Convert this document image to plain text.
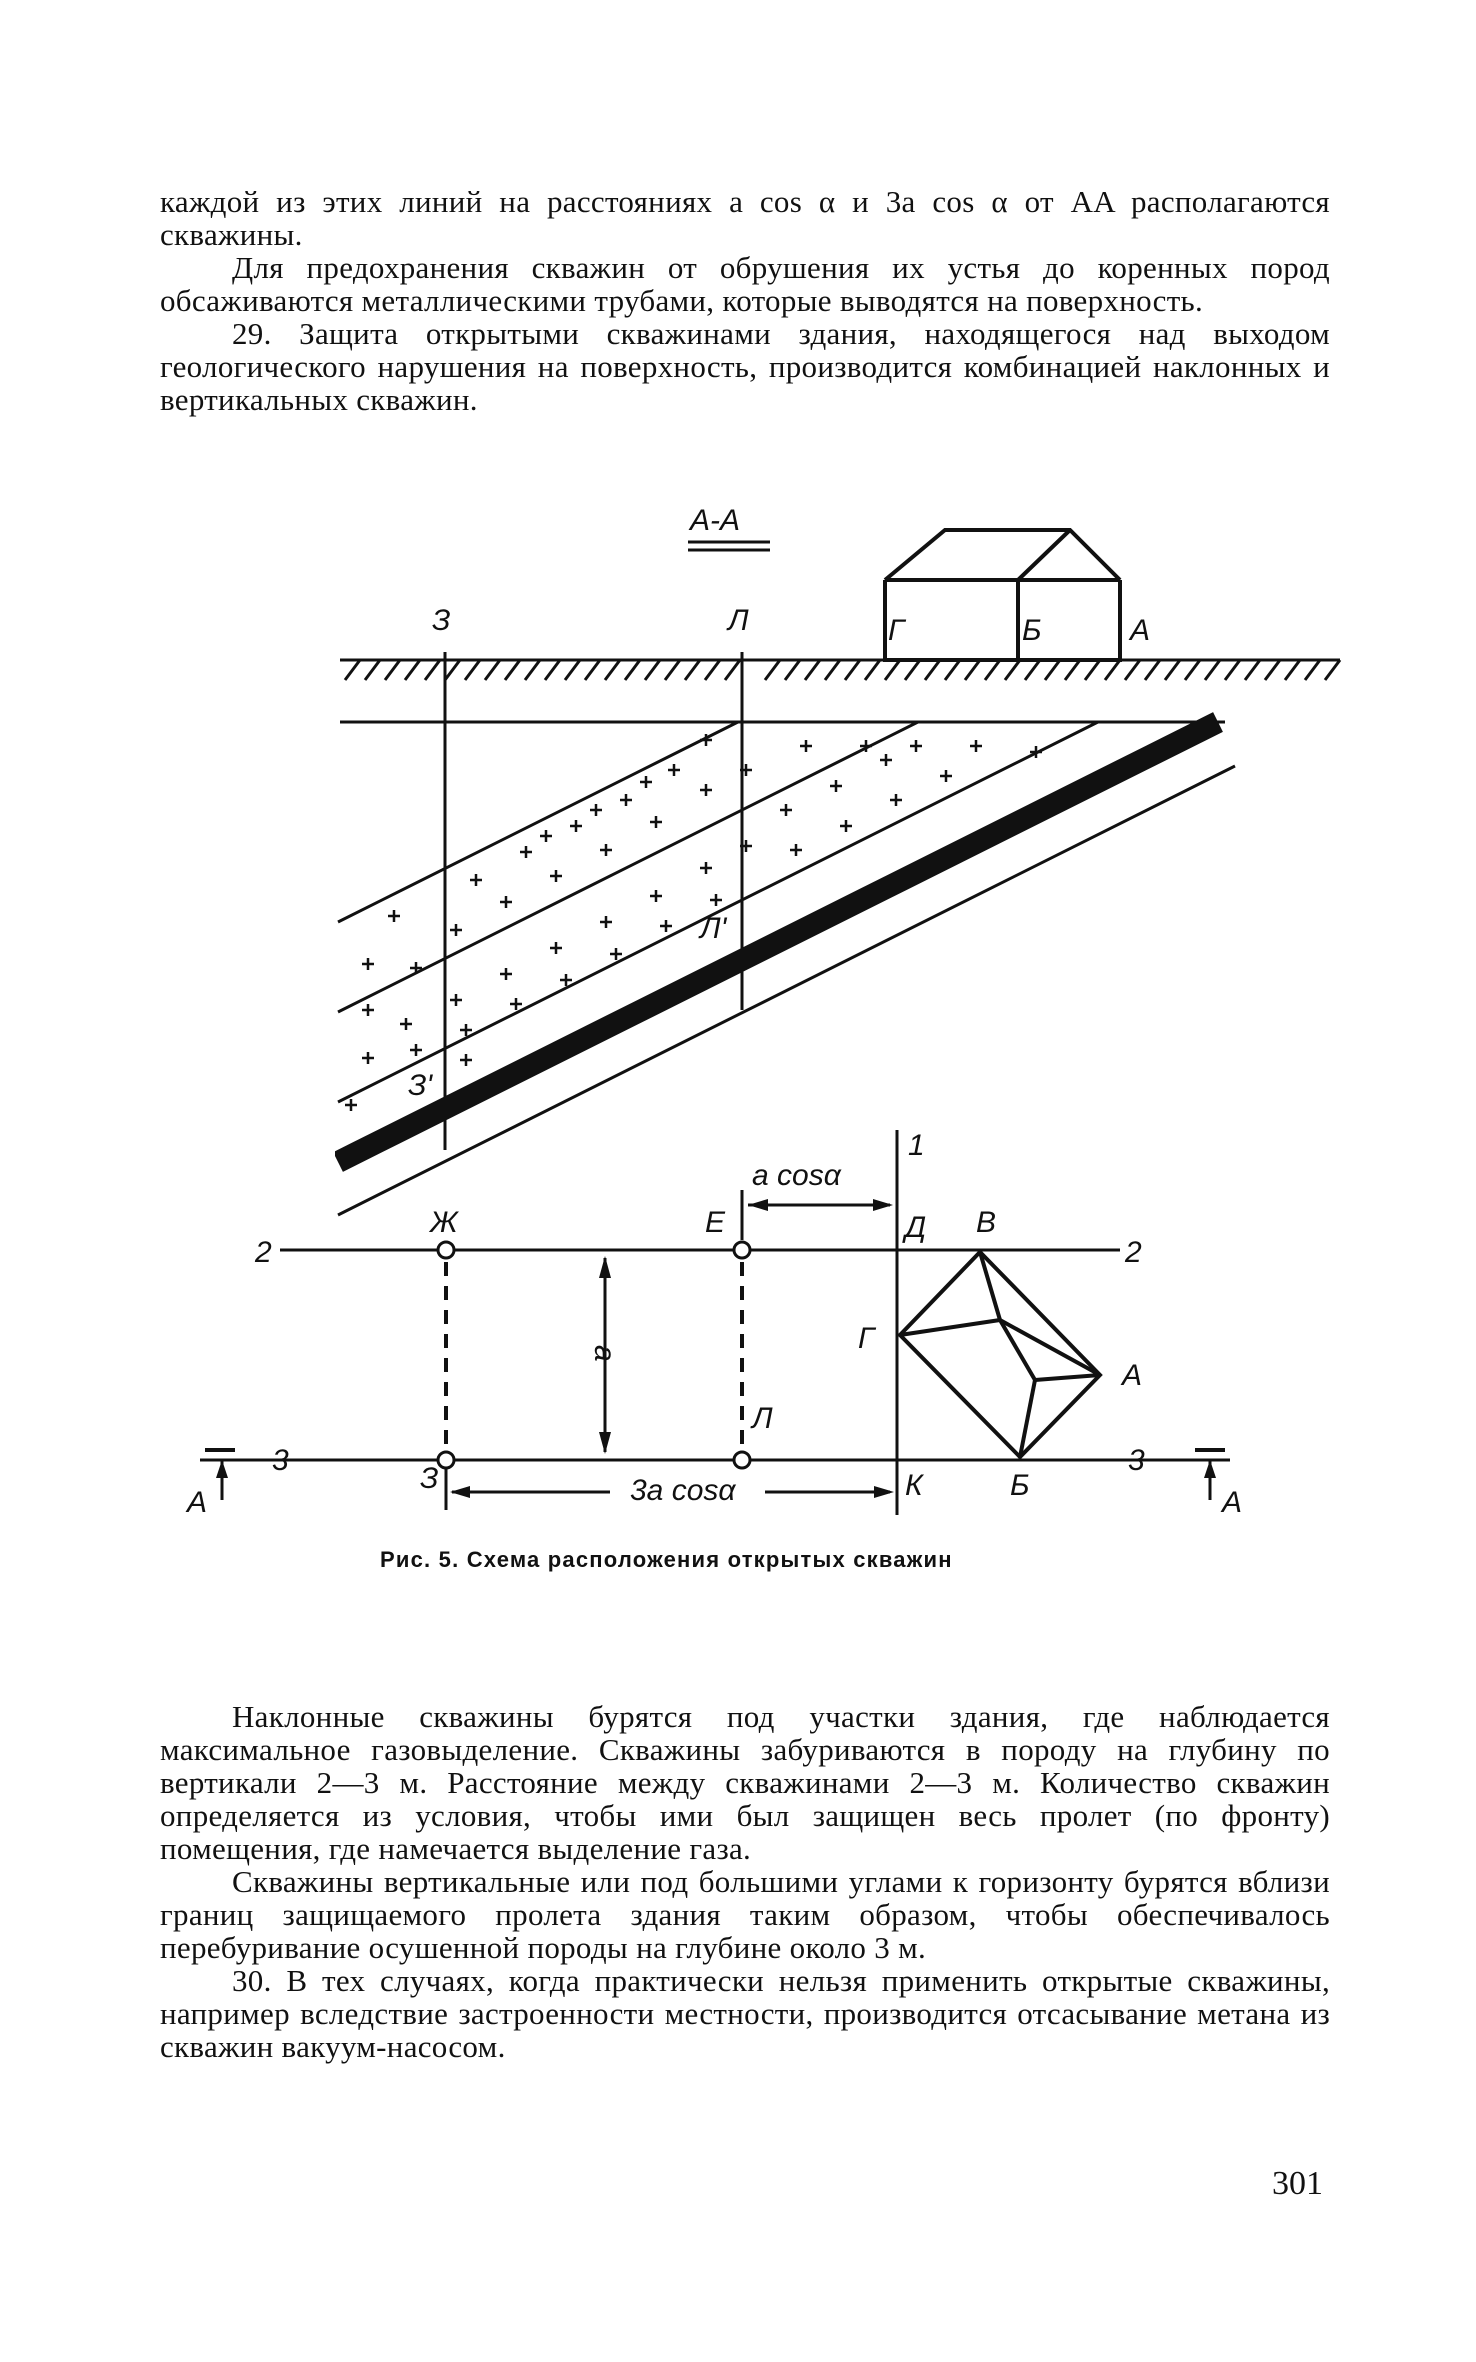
каждой из этих линий на расстояниях a cos α и 3a cos α от AA располагаются скважины.

Для предохранения скважин от обрушения их устья до коренных пород обсаживаются металлическими трубами, которые выводятся на поверхность.

29. Защита открытыми скважинами здания, находящегося над выходом геологического нарушения на поверхность, производится комбинацией наклонных и вертикальных скважин.

А-А
З	Л	Г	Б	А
Л'
З'
1
a cosα
2	2
Ж	Е	Д В
3	3
А	А
Л
З
a
3a cosα	К	Б
Г
А
Рис. 5. Схема расположения открытых скважин

Наклонные скважины бурятся под участки здания, где наблюдается максимальное газовыделение. Скважины забуриваются в породу на глубину по вертикали 2—3 м. Расстояние между скважинами 2—3 м. Количество скважин определяется из условия, чтобы ими был защищен весь пролет (по фронту) помещения, где намечается выделение газа.

Скважины вертикальные или под большими углами к горизонту бурятся вблизи границ защищаемого пролета здания таким образом, чтобы обеспечивалось перебуривание осушенной породы на глубине около 3 м.

30. В тех случаях, когда практически нельзя применить открытые скважины, например вследствие застроенности местности, производится отсасывание метана из скважин вакуум-насосом.

301
